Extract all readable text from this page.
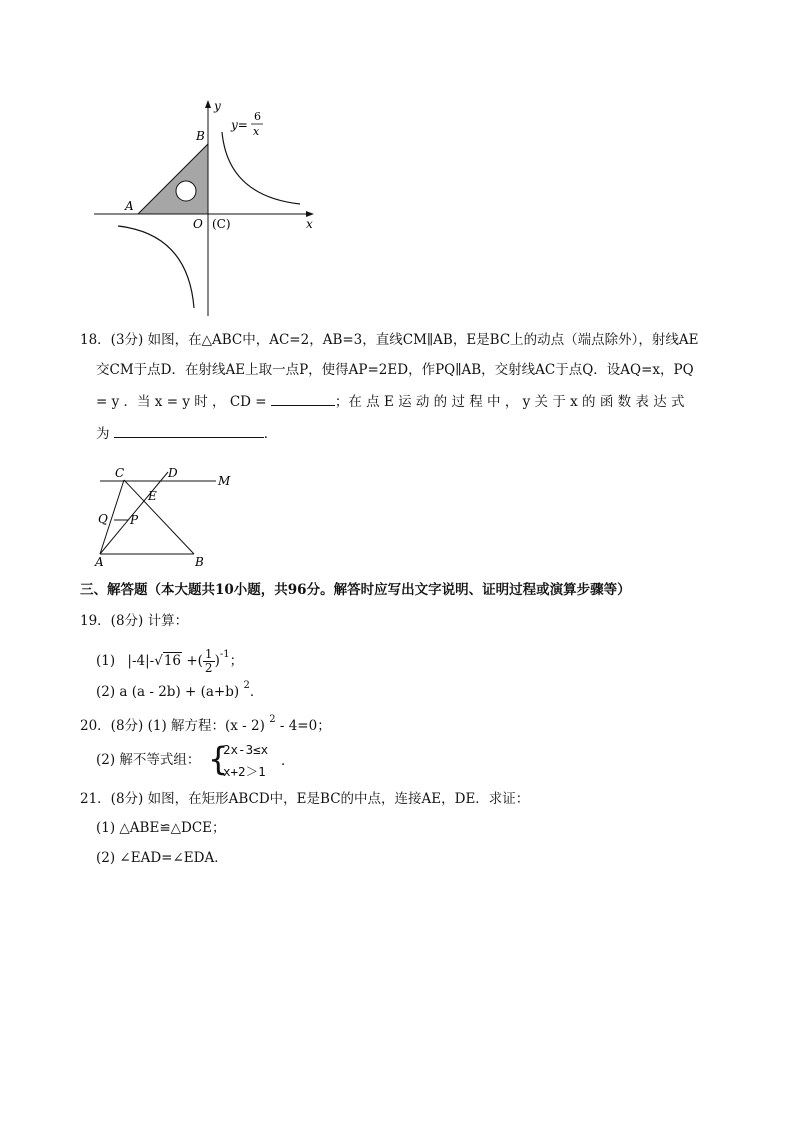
y
x
A
B
O (C)
y=
6
x
18．(3分) 如图，在△ABC中，AC=2，AB=3，直线CM∥AB，E是BC上的动点（端点除外），射线AE
交CM于点D．在射线AE上取一点P，使得AP=2ED，作PQ∥AB，交射线AC于点Q．设AQ=x，PQ
= y ．当 x = y 时 ， CD =	；在 点 E 运 动 的 过 程 中 ， y 关 于 x 的 函 数 表 达 式
为	．
C	D
M
E
Q P
A	B
三、解答题（本大题共10小题，共96分。解答时应写出文字说明、证明过程或演算步骤等）
19．(8分) 计算：
(1) |-4|-√16 +( $\frac{1}{2} )^{-1}$；
(2) a (a - 2b) + (a+b) $^2$．
20．(8分) (1) 解方程：(x - 2) $^2$ - 4=0；
(2) 解不等式组： {
2x-3≤x
x+2＞1
．
21．(8分) 如图，在矩形ABCD中，E是BC的中点，连接AE，DE．求证：
(1) △ABE≌△DCE；
(2) ∠EAD=∠EDA．
